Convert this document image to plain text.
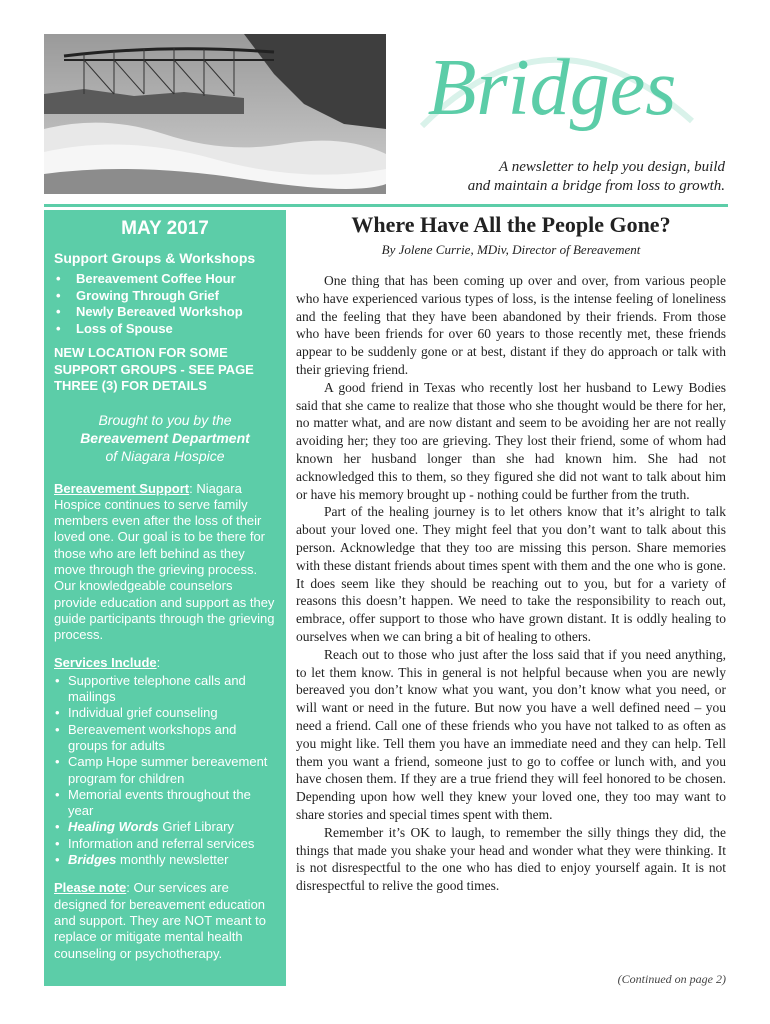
Bridges
A newsletter to help you design, build
and maintain a bridge from loss to growth.
MAY 2017
Support Groups & Workshops
• Bereavement Coffee Hour
• Growing Through Grief
• Newly Bereaved Workshop
• Loss of Spouse
NEW LOCATION FOR SOME SUPPORT GROUPS - SEE PAGE THREE (3) FOR DETAILS
Brought to you by the
Bereavement Department
of Niagara Hospice
Bereavement Support: Niagara Hospice continues to serve family members even after the loss of their loved one. Our goal is to be there for those who are left behind as they move through the grieving process. Our knowledgeable counselors provide education and support as they guide participants through the grieving process.
Services Include:
• Supportive telephone calls and mailings
• Individual grief counseling
• Bereavement workshops and groups for adults
• Camp Hope summer bereavement program for children
• Memorial events throughout the year
• Healing Words Grief Library
• Information and referral services
• Bridges monthly newsletter
Please note: Our services are designed for bereavement education and support. They are NOT meant to replace or mitigate mental health counseling or psychotherapy.
Where Have All the People Gone?
By Jolene Currie, MDiv, Director of Bereavement

One thing that has been coming up over and over, from various people who have experienced various types of loss, is the intense feeling of loneliness and the feeling that they have been abandoned by their friends. From those who have been friends for over 60 years to those recently met, these friends appear to be suddenly gone or at best, distant if they do approach or talk with their grieving friend.

A good friend in Texas who recently lost her husband to Lewy Bodies said that she came to realize that those who she thought would be there for her, no matter what, and are now distant and seem to be avoiding her are not really avoiding her; they too are grieving. They lost their friend, some of whom had known her husband longer than she had known him. She had not acknowledged this to them, so they figured she did not want to talk about him or have his memory brought up - nothing could be further from the truth.

Part of the healing journey is to let others know that it’s alright to talk about your loved one. They might feel that you don’t want to talk about this person. Acknowledge that they too are missing this person. Share memories with these distant friends about times spent with them and the one who is gone. It does seem like they should be reaching out to you, but for a variety of reasons this doesn’t happen. We need to take the responsibility to reach out, embrace, offer support to those who have grown distant. It is oddly healing to ourselves when we can bring a bit of healing to others.

Reach out to those who just after the loss said that if you need anything, to let them know. This in general is not helpful because when you are newly bereaved you don’t know what you want, you don’t know what you need, or will want or need in the future. But now you have a well defined need – you need a friend. Call one of these friends who you have not talked to as often as you might like. Tell them you have an immediate need and they can help. Tell them you want a friend, someone just to go to coffee or lunch with, and you have chosen them. If they are a true friend they will feel honored to be chosen. Depending upon how well they knew your loved one, they too may want to share stories and special times spent with them.

Remember it’s OK to laugh, to remember the silly things they did, the things that made you shake your head and wonder what they were thinking. It is not disrespectful to the one who has died to enjoy yourself again. It is not disrespectful to relive the good times.

(Continued on page 2)
